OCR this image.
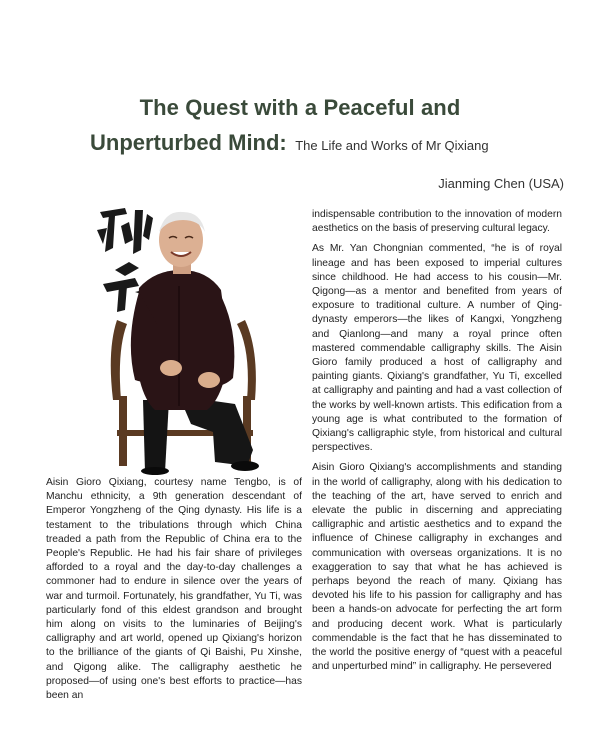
The Quest with a Peaceful and
Unperturbed Mind: The Life and Works of Mr Qixiang
Jianming Chen (USA)

Aisin Gioro Qixiang, courtesy name Tengbo, is of Manchu ethnicity, a 9th generation descendant of Emperor Yongzheng of the Qing dynasty. His life is a testament to the tribulations through which China treaded a path from the Republic of China era to the People's Republic. He had his fair share of privileges afforded to a royal and the day-to-day challenges a commoner had to endure in silence over the years of war and turmoil. Fortunately, his grandfather, Yu Ti, was particularly fond of this eldest grandson and brought him along on visits to the luminaries of Beijing's calligraphy and art world, opened up Qixiang's horizon to the brilliance of the giants of Qi Baishi, Pu Xinshe, and Qigong alike. The calligraphy aesthetic he proposed—of using one's best efforts to practice—has been an

indispensable contribution to the innovation of modern aesthetics on the basis of preserving cultural legacy.

As Mr. Yan Chongnian commented, “he is of royal lineage and has been exposed to imperial cultures since childhood. He had access to his cousin—Mr. Qigong—as a mentor and benefited from years of exposure to traditional culture. A number of Qing-dynasty emperors—the likes of Kangxi, Yongzheng and Qianlong—and many a royal prince often mastered commendable calligraphy skills. The Aisin Gioro family produced a host of calligraphy and painting giants. Qixiang's grandfather, Yu Ti, excelled at calligraphy and painting and had a vast collection of the works by well-known artists. This edification from a young age is what contributed to the formation of Qixiang's calligraphic style, from historical and cultural perspectives.

Aisin Gioro Qixiang's accomplishments and standing in the world of calligraphy, along with his dedication to the teaching of the art, have served to enrich and elevate the public in discerning and appreciating calligraphic and artistic aesthetics and to expand the influence of Chinese calligraphy in exchanges and communication with overseas organizations. It is no exaggeration to say that what he has achieved is perhaps beyond the reach of many. Qixiang has devoted his life to his passion for calligraphy and has been a hands-on advocate for perfecting the art form and producing decent work. What is particularly commendable is the fact that he has disseminated to the world the positive energy of “quest with a peaceful and unperturbed mind” in calligraphy. He persevered
